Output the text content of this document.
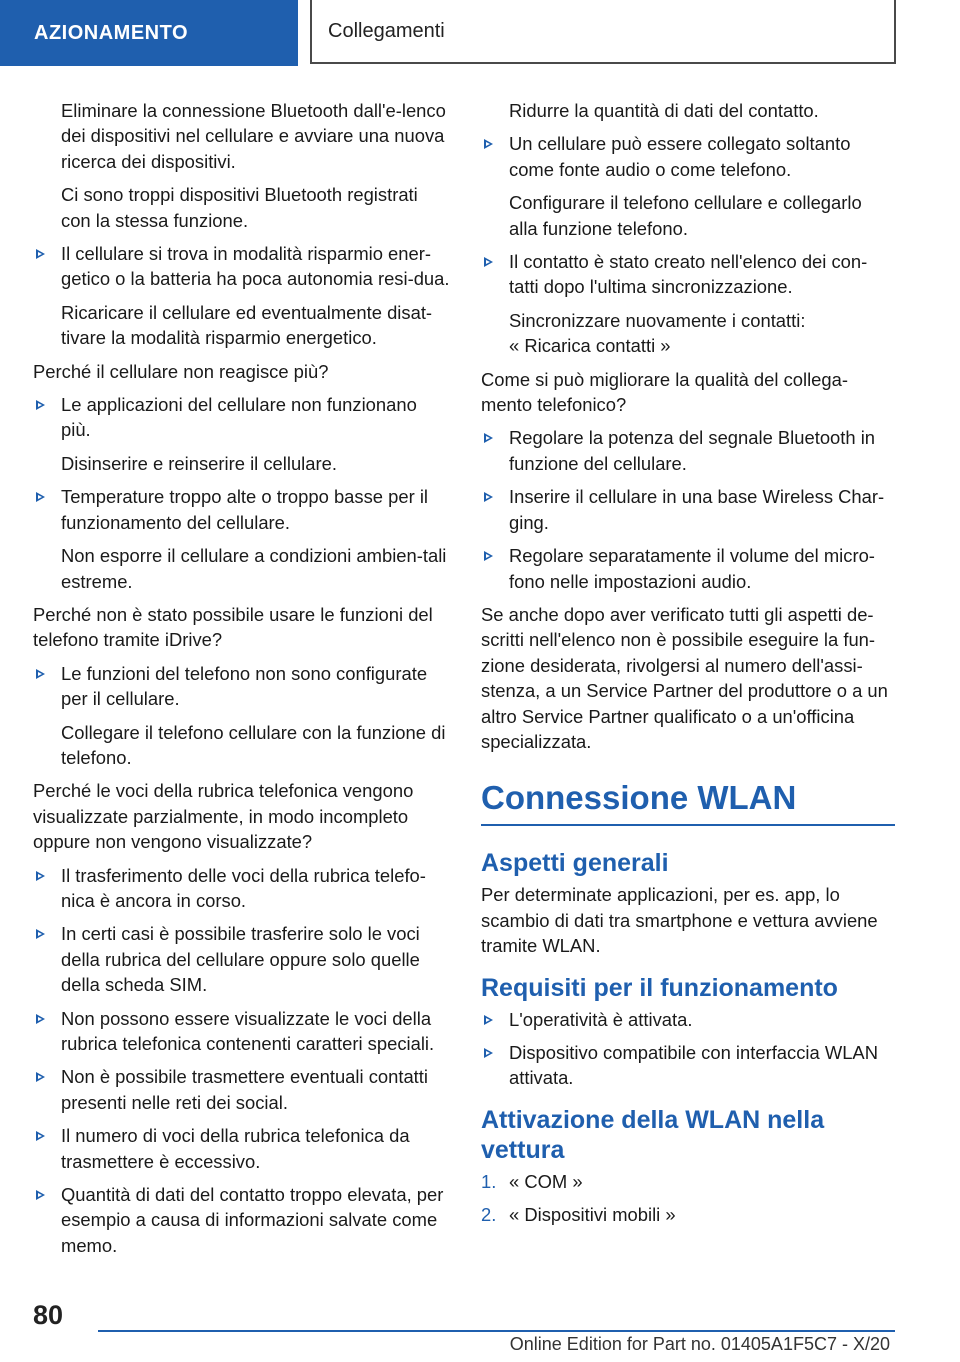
AZIONAMENTO	Collegamenti

Eliminare la connessione Bluetooth dall'e-lenco dei dispositivi nel cellulare e avviare una nuova ricerca dei dispositivi.

Ci sono troppi dispositivi Bluetooth registrati con la stessa funzione.

Il cellulare si trova in modalità risparmio ener-getico o la batteria ha poca autonomia resi-dua.

Ricaricare il cellulare ed eventualmente disat-tivare la modalità risparmio energetico.

Perché il cellulare non reagisce più?

Le applicazioni del cellulare non funzionano più.

Disinserire e reinserire il cellulare.

Temperature troppo alte o troppo basse per il funzionamento del cellulare.

Non esporre il cellulare a condizioni ambien-tali estreme.

Perché non è stato possibile usare le funzioni del telefono tramite iDrive?

Le funzioni del telefono non sono configurate per il cellulare.

Collegare il telefono cellulare con la funzione di telefono.

Perché le voci della rubrica telefonica vengono visualizzate parzialmente, in modo incompleto oppure non vengono visualizzate?

Il trasferimento delle voci della rubrica telefo-nica è ancora in corso.
In certi casi è possibile trasferire solo le voci della rubrica del cellulare oppure solo quelle della scheda SIM.
Non possono essere visualizzate le voci della rubrica telefonica contenenti caratteri speciali.
Non è possibile trasmettere eventuali contatti presenti nelle reti dei social.
Il numero di voci della rubrica telefonica da trasmettere è eccessivo.
Quantità di dati del contatto troppo elevata, per esempio a causa di informazioni salvate come memo.

Ridurre la quantità di dati del contatto.

Un cellulare può essere collegato soltanto come fonte audio o come telefono.

Configurare il telefono cellulare e collegarlo alla funzione telefono.

Il contatto è stato creato nell'elenco dei con-tatti dopo l'ultima sincronizzazione.
Sincronizzare nuovamente i contatti:
« Ricarica contatti »

Come si può migliorare la qualità del collega-mento telefonico?

Regolare la potenza del segnale Bluetooth in funzione del cellulare.
Inserire il cellulare in una base Wireless Char-ging.
Regolare separatamente il volume del micro-fono nelle impostazioni audio.

Se anche dopo aver verificato tutti gli aspetti de-scritti nell'elenco non è possibile eseguire la fun-zione desiderata, rivolgersi al numero dell'assi-stenza, a un Service Partner del produttore o a un altro Service Partner qualificato o a un'officina specializzata.

Connessione WLAN
Aspetti generali

Per determinate applicazioni, per es. app, lo scambio di dati tra smartphone e vettura avviene tramite WLAN.

Requisiti per il funzionamento
L'operatività è attivata.
Dispositivo compatibile con interfaccia WLAN attivata.
Attivazione della WLAN nella vettura
1. « COM »
2. « Dispositivi mobili »
80
Online Edition for Part no. 01405A1F5C7 - X/20
